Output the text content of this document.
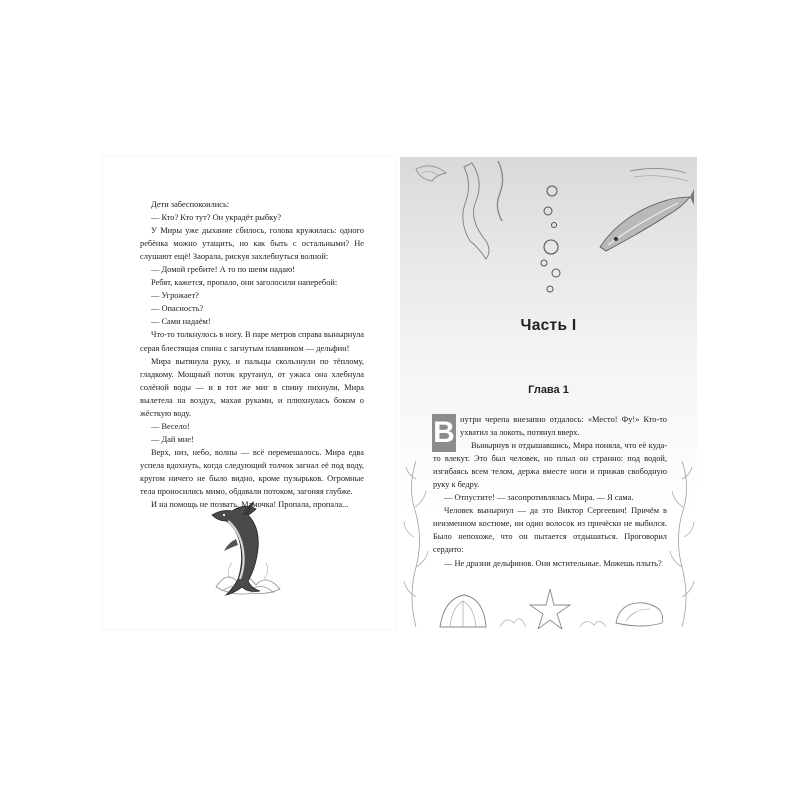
Дети забеспокоились:

— Кто? Кто тут? Он украдёт рыбку?

У Миры уже дыхание сбилось, голова кружилась: одного ребёнка можно утащить, но как быть с остальными? Не слушают ещё! Заорала, рискуя захлебнуться волной:

— Домой гребите! А то по шеям надаю!

Ребят, кажется, пропало, они заголосили наперебой:

— Угрожает?

— Опасность?

— Сами надаём!

Что-то толкнулось в ногу. В паре метров справа вынырнула серая блестящая спина с загнутым плавником — дельфин!

Мира вытянула руку, и пальцы скользнули по тёплому, гладкому. Мощный поток крутанул, от ужаса она хлебнула солёной воды — и в тот же миг в спину пихнули, Мира вылетела на воздух, махая руками, и плюхнулась боком о жёсткую воду.

— Весело!

— Дай мне!

Верх, низ, небо, волны — всё перемешалось. Мира едва успела вдохнуть, когда следующий толчок загнал её под воду, кругом ничего не было видно, кроме пузырьков. Огромные тела проносились мимо, обдавали потоком, загоняя глубже.

И на помощь не позвать. Мамочка! Пропала, пропала...

Часть I
Глава 1

В нутри черепа внезапно отдалось: «Место! Фу!» Кто-то ухватил за локоть, потянул вверх.

Вынырнув и отдышавшись, Мира поняла, что её куда-то влекут. Это был человек, но плыл он странно: под водой, изгибаясь всем телом, держа вместе ноги и прижав свободную руку к бедру.

— Отпустите! — засопротивлялась Мира. — Я сама.

Человек вынырнул — да это Виктор Сергеевич! Причём в неизменном костюме, ни один волосок из причёски не выбился. Было непохоже, что он пытается отдышаться. Проговорил сердито:

— Не дразни дельфинов. Они мстительные. Можешь плыть?
